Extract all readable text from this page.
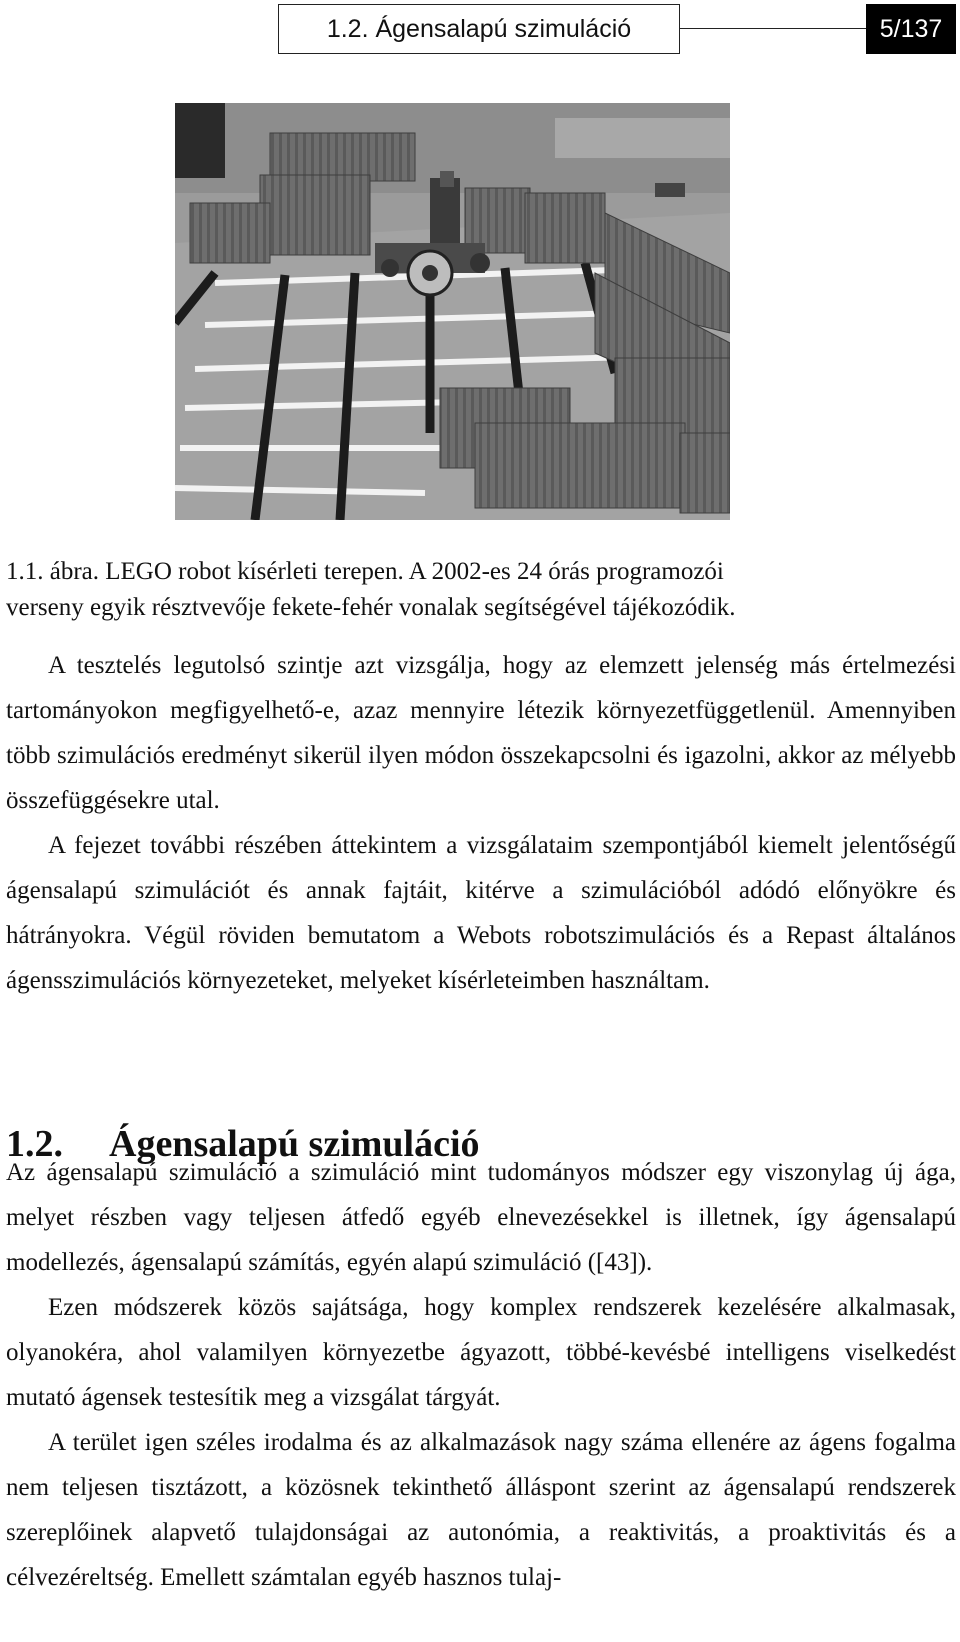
1.2. Ágensalapú szimuláció	5/137

1.1. ábra. LEGO robot kísérleti terepen. A 2002-es 24 órás programozói

verseny egyik résztvevője fekete-fehér vonalak segítségével tájékozódik.

A tesztelés legutolsó szintje azt vizsgálja, hogy az elemzett jelenség más értelmezési tartományokon megfigyelhető-e, azaz mennyire létezik környezetfüggetlenül. Amennyiben több szimulációs eredményt sikerül ilyen módon összekapcsolni és igazolni, akkor az mélyebb összefüggésekre utal.

A fejezet további részében áttekintem a vizsgálataim szempontjából kiemelt jelentőségű ágensalapú szimulációt és annak fajtáit, kitérve a szimulációból adódó előnyökre és hátrányokra. Végül röviden bemutatom a Webots robotszimulációs és a Repast általános ágensszimulációs környezeteket, melyeket kísérleteimben használtam.

1.2. Ágensalapú szimuláció

Az ágensalapú szimuláció a szimuláció mint tudományos módszer egy viszonylag új ága, melyet részben vagy teljesen átfedő egyéb elnevezésekkel is illetnek, így ágensalapú modellezés, ágensalapú számítás, egyén alapú szimuláció ([43]).

Ezen módszerek közös sajátsága, hogy komplex rendszerek kezelésére alkalmasak, olyanokéra, ahol valamilyen környezetbe ágyazott, többé-kevésbé intelligens viselkedést mutató ágensek testesítik meg a vizsgálat tárgyát.

A terület igen széles irodalma és az alkalmazások nagy száma ellenére az ágens fogalma nem teljesen tisztázott, a közösnek tekinthető álláspont szerint az ágensalapú rendszerek szereplőinek alapvető tulajdonságai az autonómia, a reaktivitás, a proaktivitás és a célvezéreltség. Emellett számtalan egyéb hasznos tulaj-
